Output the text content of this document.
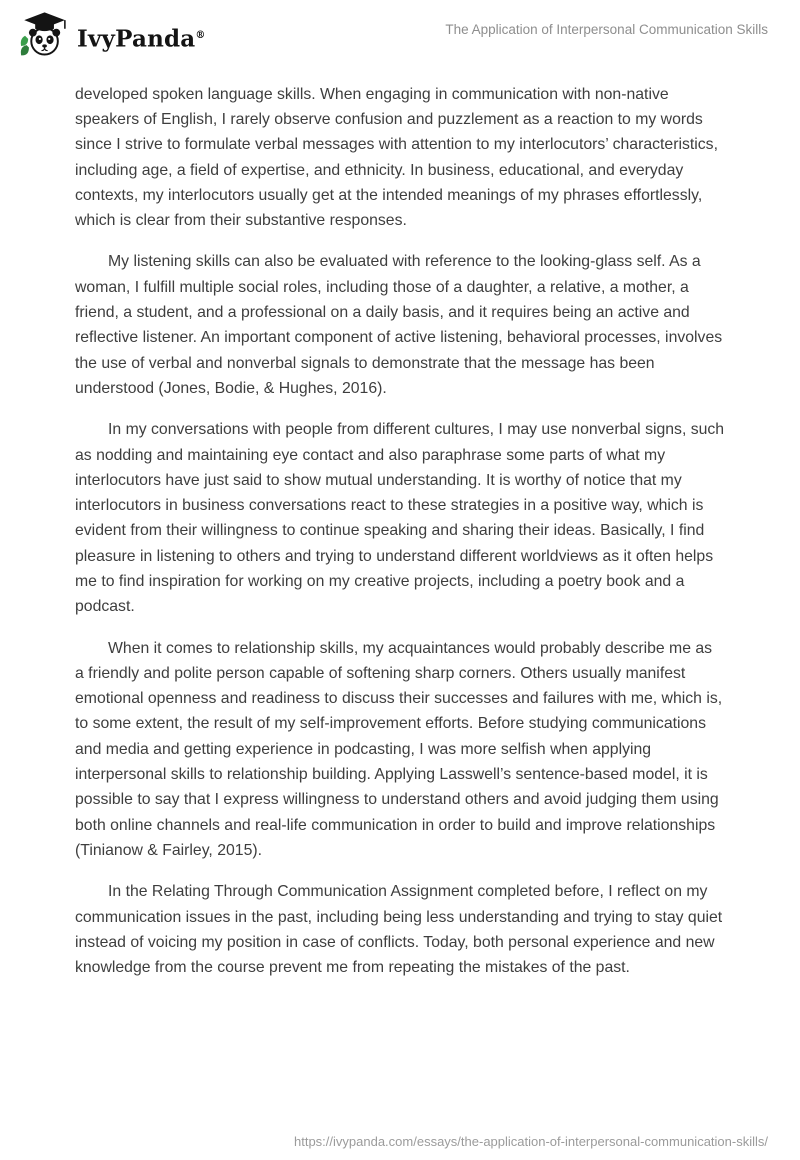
IvyPanda®	The Application of Interpersonal Communication Skills

developed spoken language skills. When engaging in communication with non-native speakers of English, I rarely observe confusion and puzzlement as a reaction to my words since I strive to formulate verbal messages with attention to my interlocutors’ characteristics, including age, a field of expertise, and ethnicity. In business, educational, and everyday contexts, my interlocutors usually get at the intended meanings of my phrases effortlessly, which is clear from their substantive responses.

My listening skills can also be evaluated with reference to the looking-glass self. As a woman, I fulfill multiple social roles, including those of a daughter, a relative, a mother, a friend, a student, and a professional on a daily basis, and it requires being an active and reflective listener. An important component of active listening, behavioral processes, involves the use of verbal and nonverbal signals to demonstrate that the message has been understood (Jones, Bodie, & Hughes, 2016).

In my conversations with people from different cultures, I may use nonverbal signs, such as nodding and maintaining eye contact and also paraphrase some parts of what my interlocutors have just said to show mutual understanding. It is worthy of notice that my interlocutors in business conversations react to these strategies in a positive way, which is evident from their willingness to continue speaking and sharing their ideas. Basically, I find pleasure in listening to others and trying to understand different worldviews as it often helps me to find inspiration for working on my creative projects, including a poetry book and a podcast.

When it comes to relationship skills, my acquaintances would probably describe me as a friendly and polite person capable of softening sharp corners. Others usually manifest emotional openness and readiness to discuss their successes and failures with me, which is, to some extent, the result of my self-improvement efforts. Before studying communications and media and getting experience in podcasting, I was more selfish when applying interpersonal skills to relationship building. Applying Lasswell’s sentence-based model, it is possible to say that I express willingness to understand others and avoid judging them using both online channels and real-life communication in order to build and improve relationships (Tinianow & Fairley, 2015).

In the Relating Through Communication Assignment completed before, I reflect on my communication issues in the past, including being less understanding and trying to stay quiet instead of voicing my position in case of conflicts. Today, both personal experience and new knowledge from the course prevent me from repeating the mistakes of the past.

https://ivypanda.com/essays/the-application-of-interpersonal-communication-skills/
